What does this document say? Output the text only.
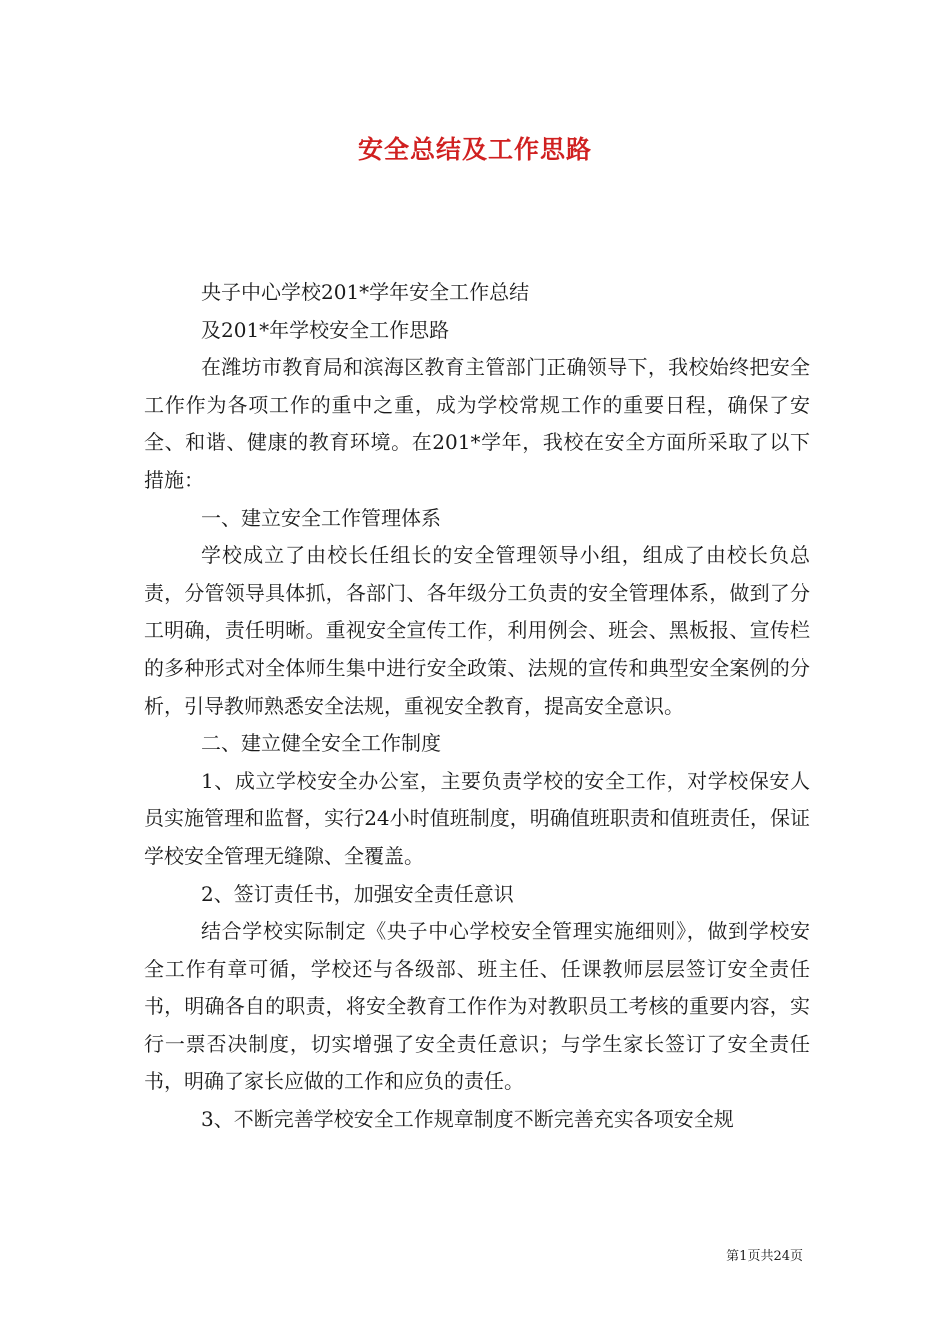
安全总结及工作思路

央子中心学校201*学年安全工作总结

及201*年学校安全工作思路

在潍坊市教育局和滨海区教育主管部门正确领导下，我校始终把安全工作作为各项工作的重中之重，成为学校常规工作的重要日程，确保了安全、和谐、健康的教育环境。在201*学年，我校在安全方面所采取了以下措施：

一、建立安全工作管理体系

学校成立了由校长任组长的安全管理领导小组，组成了由校长负总责，分管领导具体抓，各部门、各年级分工负责的安全管理体系，做到了分工明确，责任明晰。重视安全宣传工作，利用例会、班会、黑板报、宣传栏的多种形式对全体师生集中进行安全政策、法规的宣传和典型安全案例的分析，引导教师熟悉安全法规，重视安全教育，提高安全意识。

二、建立健全安全工作制度

1、成立学校安全办公室，主要负责学校的安全工作，对学校保安人员实施管理和监督，实行24小时值班制度，明确值班职责和值班责任，保证学校安全管理无缝隙、全覆盖。

2、签订责任书，加强安全责任意识

结合学校实际制定《央子中心学校安全管理实施细则》，做到学校安全工作有章可循，学校还与各级部、班主任、任课教师层层签订安全责任书，明确各自的职责，将安全教育工作作为对教职员工考核的重要内容，实行一票否决制度，切实增强了安全责任意识；与学生家长签订了安全责任书，明确了家长应做的工作和应负的责任。

3、不断完善学校安全工作规章制度不断完善充实各项安全规

第1页共24页
